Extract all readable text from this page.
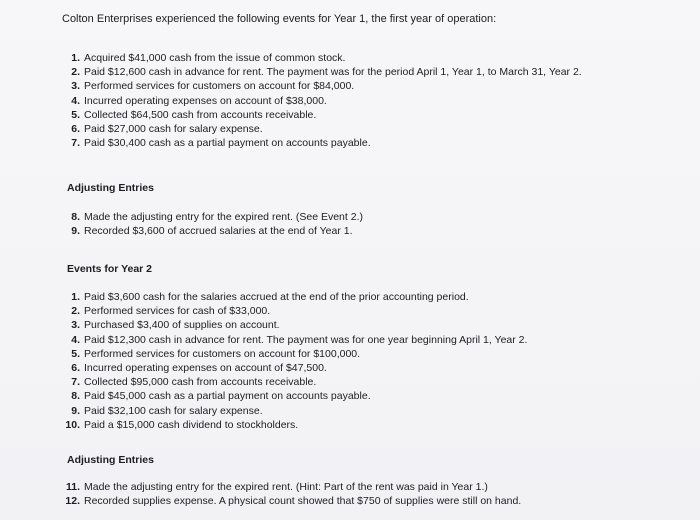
Colton Enterprises experienced the following events for Year 1, the first year of operation:
1. Acquired $41,000 cash from the issue of common stock.
2. Paid $12,600 cash in advance for rent. The payment was for the period April 1, Year 1, to March 31, Year 2.
3. Performed services for customers on account for $84,000.
4. Incurred operating expenses on account of $38,000.
5. Collected $64,500 cash from accounts receivable.
6. Paid $27,000 cash for salary expense.
7. Paid $30,400 cash as a partial payment on accounts payable.
Adjusting Entries
8. Made the adjusting entry for the expired rent. (See Event 2.)
9. Recorded $3,600 of accrued salaries at the end of Year 1.
Events for Year 2
1. Paid $3,600 cash for the salaries accrued at the end of the prior accounting period.
2. Performed services for cash of $33,000.
3. Purchased $3,400 of supplies on account.
4. Paid $12,300 cash in advance for rent. The payment was for one year beginning April 1, Year 2.
5. Performed services for customers on account for $100,000.
6. Incurred operating expenses on account of $47,500.
7. Collected $95,000 cash from accounts receivable.
8. Paid $45,000 cash as a partial payment on accounts payable.
9. Paid $32,100 cash for salary expense.
10. Paid a $15,000 cash dividend to stockholders.
Adjusting Entries
11. Made the adjusting entry for the expired rent. (Hint: Part of the rent was paid in Year 1.)
12. Recorded supplies expense. A physical count showed that $750 of supplies were still on hand.
